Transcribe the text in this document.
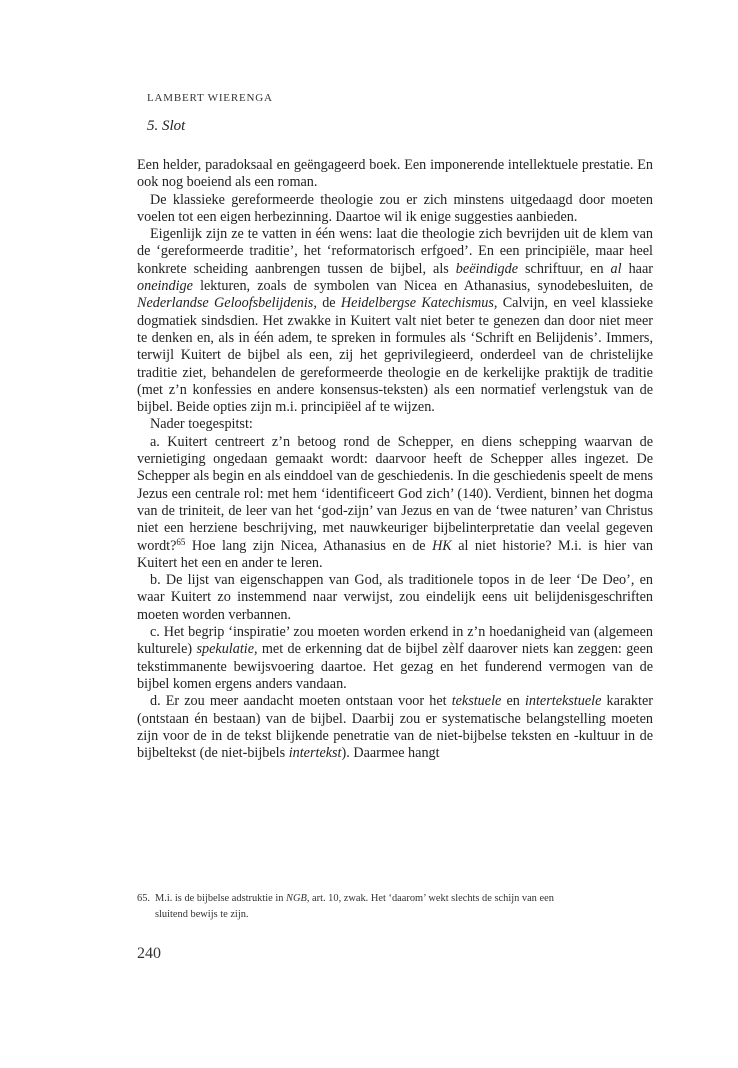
LAMBERT WIERENGA
5. Slot

Een helder, paradoksaal en geëngageerd boek. Een imponerende intellektuele prestatie. En ook nog boeiend als een roman.

De klassieke gereformeerde theologie zou er zich minstens uitgedaagd door moeten voelen tot een eigen herbezinning. Daartoe wil ik enige suggesties aanbieden.

Eigenlijk zijn ze te vatten in één wens: laat die theologie zich bevrijden uit de klem van de ‘gereformeerde traditie’, het ‘reformatorisch erfgoed’. En een principiële, maar heel konkrete scheiding aanbrengen tussen de bijbel, als beëindigde schriftuur, en al haar oneindige lekturen, zoals de symbolen van Nicea en Athanasius, synodebesluiten, de Nederlandse Geloofsbelijdenis, de Heidelbergse Katechismus, Calvijn, en veel klassieke dogmatiek sindsdien. Het zwakke in Kuitert valt niet beter te genezen dan door niet meer te denken en, als in één adem, te spreken in formules als ‘Schrift en Belijdenis’. Immers, terwijl Kuitert de bijbel als een, zij het geprivilegieerd, onderdeel van de christelijke traditie ziet, behandelen de gereformeerde theologie en de kerkelijke praktijk de traditie (met z’n konfessies en andere konsensus-teksten) als een normatief verlengstuk van de bijbel. Beide opties zijn m.i. principiëel af te wijzen.

Nader toegespitst:

a. Kuitert centreert z’n betoog rond de Schepper, en diens schepping waarvan de vernietiging ongedaan gemaakt wordt: daarvoor heeft de Schepper alles ingezet. De Schepper als begin en als einddoel van de geschiedenis. In die geschiedenis speelt de mens Jezus een centrale rol: met hem ‘identificeert God zich’ (140). Verdient, binnen het dogma van de triniteit, de leer van het ‘god-zijn’ van Jezus en van de ‘twee naturen’ van Christus niet een herziene beschrijving, met nauwkeuriger bijbelinterpretatie dan veelal gegeven wordt?$^{65}$ Hoe lang zijn Nicea, Athanasius en de HK al niet historie? M.i. is hier van Kuitert het een en ander te leren.

b. De lijst van eigenschappen van God, als traditionele topos in de leer ‘De Deo’, en waar Kuitert zo instemmend naar verwijst, zou eindelijk eens uit belijdenisgeschriften moeten worden verbannen.

c. Het begrip ‘inspiratie’ zou moeten worden erkend in z’n hoedanigheid van (algemeen kulturele) spekulatie, met de erkenning dat de bijbel zèlf daarover niets kan zeggen: geen tekstimmanente bewijsvoering daartoe. Het gezag en het funderend vermogen van de bijbel komen ergens anders vandaan.

d. Er zou meer aandacht moeten ontstaan voor het tekstuele en intertekstuele karakter (ontstaan én bestaan) van de bijbel. Daarbij zou er systematische belangstelling moeten zijn voor de in de tekst blijkende penetratie van de niet-bijbelse teksten en -kultuur in de bijbeltekst (de niet-bijbels intertekst). Daarmee hangt

65. M.i. is de bijbelse adstruktie in NGB, art. 10, zwak. Het ‘daarom’ wekt slechts de schijn van een
sluitend bewijs te zijn.
240
